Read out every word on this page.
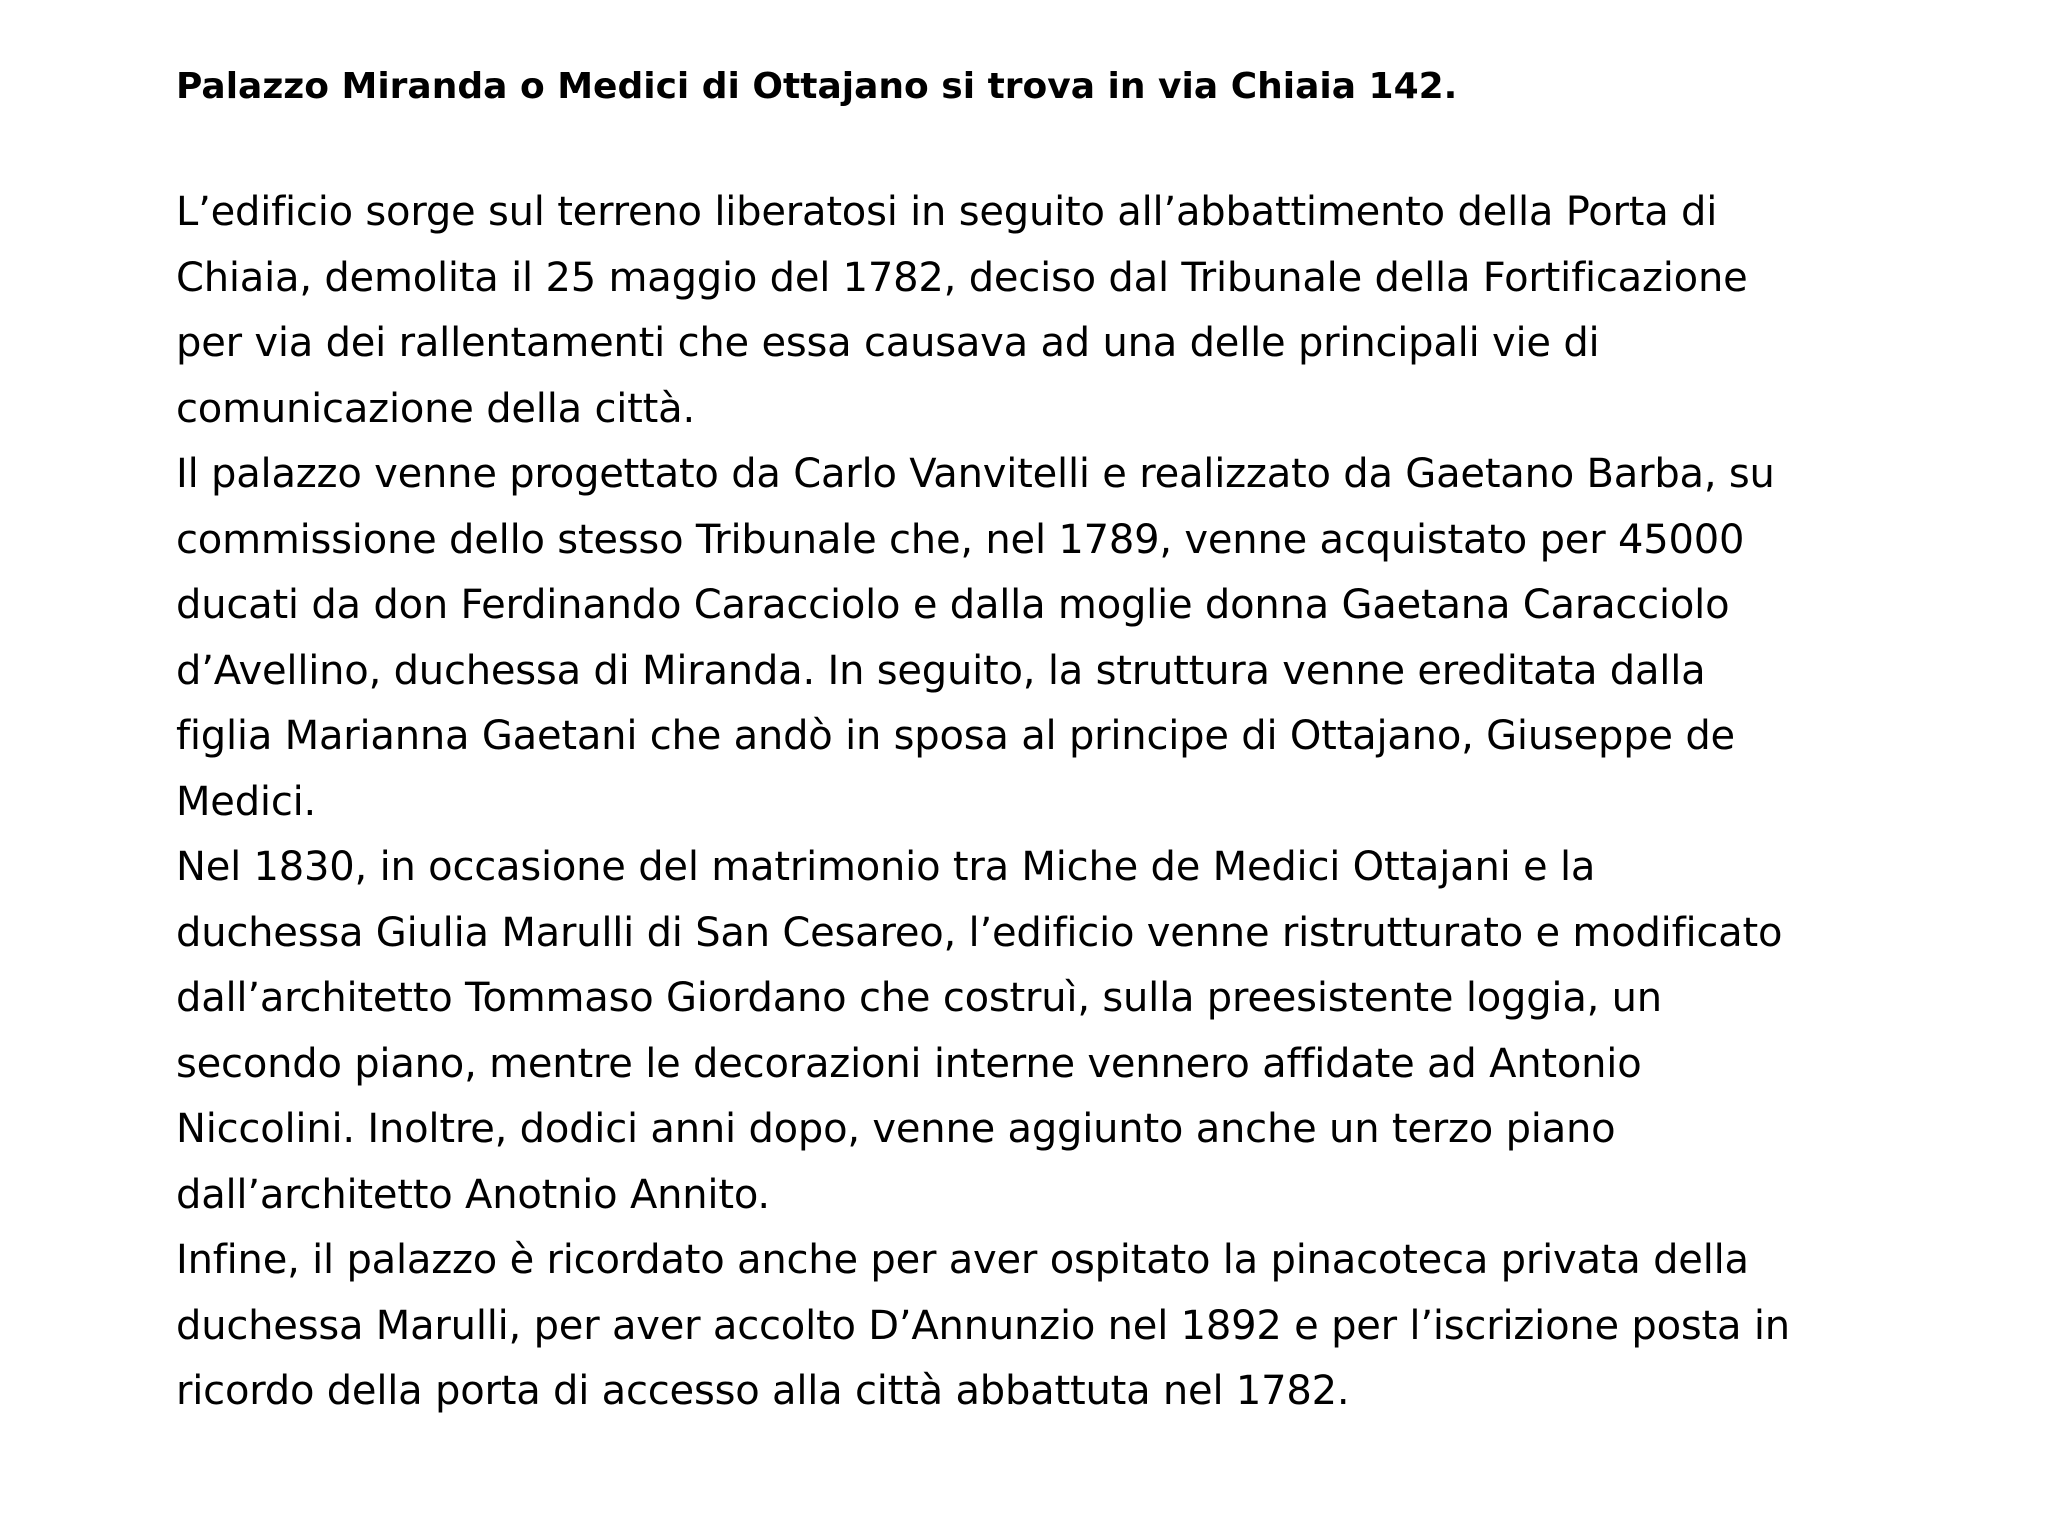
Palazzo Miranda o Medici di Ottajano si trova in via Chiaia 142.
L’edificio sorge sul terreno liberatosi in seguito all’abbattimento della Porta di
Chiaia, demolita il 25 maggio del 1782, deciso dal Tribunale della Fortificazione
per via dei rallentamenti che essa causava ad una delle principali vie di
comunicazione della città.
Il palazzo venne progettato da Carlo Vanvitelli e realizzato da Gaetano Barba, su
commissione dello stesso Tribunale che, nel 1789, venne acquistato per 45000
ducati da don Ferdinando Caracciolo e dalla moglie donna Gaetana Caracciolo
d’Avellino, duchessa di Miranda. In seguito, la struttura venne ereditata dalla
figlia Marianna Gaetani che andò in sposa al principe di Ottajano, Giuseppe de
Medici.
Nel 1830, in occasione del matrimonio tra Miche de Medici Ottajani e la
duchessa Giulia Marulli di San Cesareo, l’edificio venne ristrutturato e modificato
dall’architetto Tommaso Giordano che costruì, sulla preesistente loggia, un
secondo piano, mentre le decorazioni interne vennero affidate ad Antonio
Niccolini. Inoltre, dodici anni dopo, venne aggiunto anche un terzo piano
dall’architetto Anotnio Annito.
Infine, il palazzo è ricordato anche per aver ospitato la pinacoteca privata della
duchessa Marulli, per aver accolto D’Annunzio nel 1892 e per l’iscrizione posta in
ricordo della porta di accesso alla città abbattuta nel 1782.
